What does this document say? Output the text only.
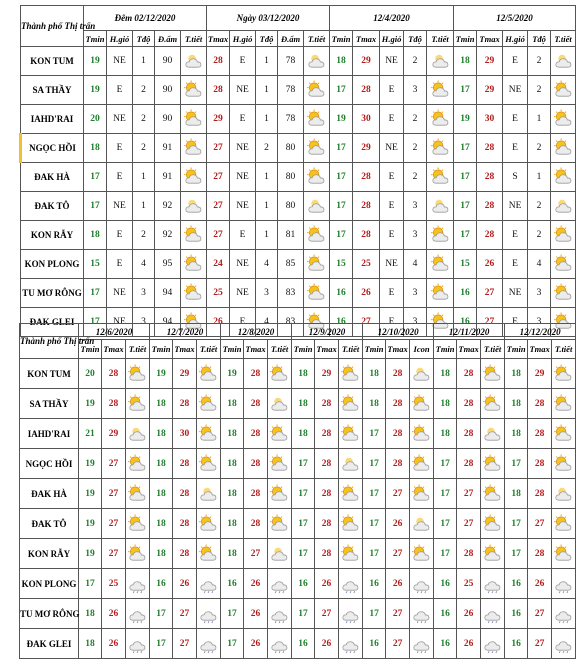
Thành phố Thị trấn	Đêm 02/12/2020					Ngày 03/12/2020					12/4/2020					12/5/2020				
	Tmin	H.gió	Tđộ	Đ.ẩm	T.tiết	Tmax	H.gió	Tđộ	Đ.ẩm	T.tiết	Tmin	Tmax	H.gió	Tđộ	T.tiết	Tmin	Tmax	H.gió	Tđộ	T.tiết
KON TUM	19	NE	1	90		28	E	1	78		18	29	NE	2		18	29	E	2	

SA THẦY	19	E	2	90		28	NE	1	78		17	28	E	3		17	29	NE	2	

IAHD'RAI	20	NE	2	90		29	E	1	78		19	30	E	2		19	30	E	1	

NGỌC HỒI	18	E	2	91		27	NE	2	80		17	29	NE	2		17	28	E	2	

ĐAK HÀ	17	E	1	91		27	NE	1	80		17	28	E	2		17	28	S	1	

ĐAK TÔ	17	NE	1	92		27	NE	1	80		17	28	E	3		17	28	NE	2	

KON RẪY	18	E	2	92		27	E	1	81		17	28	E	3		17	28	E	2	

KON PLONG	15	E	4	95		24	NE	4	85		15	25	NE	4		15	26	E	4	

TU MƠ RÔNG	17	NE	3	94		25	NE	3	83		16	26	E	3		16	27	NE	3	

ĐAK GLEI	17	NE	3	94		26	E	4	83		16	27	E	3		16	27	E	3	
Thành phố Thị trấn	12/6/2020			12/7/2020			12/8/2020			12/9/2020			12/10/2020			12/11/2020			12/12/2020		
	Tmin	Tmax	T.tiết	Tmin	Tmax	T.tiết	Tmin	Tmax	T.tiết	Tmin	Tmax	T.tiết	Tmin	Tmax	Icon	Tmin	Tmax	T.tiết	Tmin	Tmax	T.tiết
KON TUM	20	28		19	29		19	28		18	29		18	28		18	28		18	29	

SA THẦY	19	28		18	28		18	28		18	28		18	28		18	28		18	28	

IAHD'RAI	21	29		18	30		18	28		18	28		17	28		18	28		18	28	

NGỌC HỒI	19	27		18	28		18	28		17	28		17	28		17	28		17	28	

ĐAK HÀ	19	27		18	28		18	28		17	28		17	27		17	27		18	28	

ĐAK TÔ	19	27		18	28		18	28		17	28		17	26		17	27		17	27	

KON RẪY	19	27		18	28		18	27		17	28		17	27		17	28		17	28	

KON PLONG	17	25		16	26		16	26		16	26		16	26		16	25		16	26	

TU MƠ RÔNG	18	26		17	27		17	26		17	27		17	27		16	26		16	27	

ĐAK GLEI	18	26		17	27		17	26		16	26		16	27		16	26		16	27	
